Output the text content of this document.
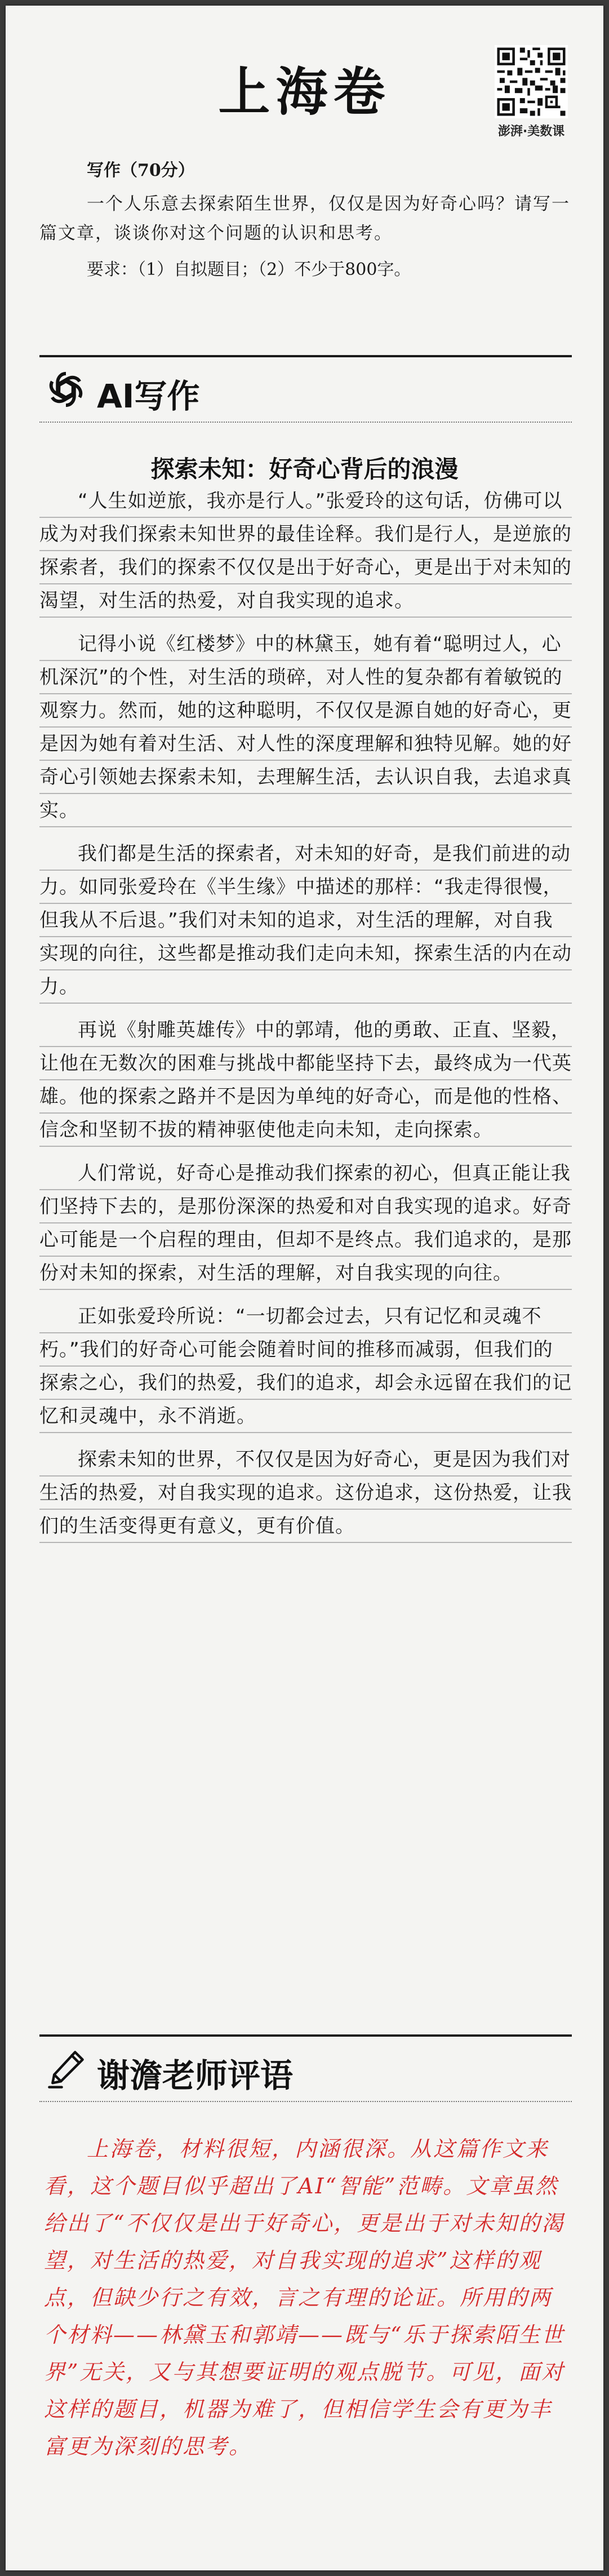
上海卷
澎湃·美数课
写作（70分）
一个人乐意去探索陌生世界，仅仅是因为好奇心吗？请写一篇文章，谈谈你对这个问题的认识和思考。
要求：（1）自拟题目；（2）不少于800字。
AI写作
探索未知：好奇心背后的浪漫

“人生如逆旅，我亦是行人。”张爱玲的这句话，仿佛可以成为对我们探索未知世界的最佳诠释。我们是行人，是逆旅的探索者，我们的探索不仅仅是出于好奇心，更是出于对未知的渴望，对生活的热爱，对自我实现的追求。

记得小说《红楼梦》中的林黛玉，她有着“聪明过人，心机深沉”的个性，对生活的琐碎，对人性的复杂都有着敏锐的观察力。然而，她的这种聪明，不仅仅是源自她的好奇心，更是因为她有着对生活、对人性的深度理解和独特见解。她的好奇心引领她去探索未知，去理解生活，去认识自我，去追求真实。

我们都是生活的探索者，对未知的好奇，是我们前进的动力。如同张爱玲在《半生缘》中描述的那样：“我走得很慢，但我从不后退。”我们对未知的追求，对生活的理解，对自我实现的向往，这些都是推动我们走向未知，探索生活的内在动力。

再说《射雕英雄传》中的郭靖，他的勇敢、正直、坚毅，让他在无数次的困难与挑战中都能坚持下去，最终成为一代英雄。他的探索之路并不是因为单纯的好奇心，而是他的性格、信念和坚韧不拔的精神驱使他走向未知，走向探索。

人们常说，好奇心是推动我们探索的初心，但真正能让我们坚持下去的，是那份深深的热爱和对自我实现的追求。好奇心可能是一个启程的理由，但却不是终点。我们追求的，是那份对未知的探索，对生活的理解，对自我实现的向往。

正如张爱玲所说：“一切都会过去，只有记忆和灵魂不朽。”我们的好奇心可能会随着时间的推移而减弱，但我们的探索之心，我们的热爱，我们的追求，却会永远留在我们的记忆和灵魂中，永不消逝。

探索未知的世界，不仅仅是因为好奇心，更是因为我们对生活的热爱，对自我实现的追求。这份追求，这份热爱，让我们的生活变得更有意义，更有价值。

谢澹老师评语
上海卷，材料很短，内涵很深。从这篇作文来看，这个题目似乎超出了AI“智能”范畴。文章虽然给出了“不仅仅是出于好奇心，更是出于对未知的渴望，对生活的热爱，对自我实现的追求”这样的观点，但缺少行之有效，言之有理的论证。所用的两个材料——林黛玉和郭靖——既与“乐于探索陌生世界”无关，又与其想要证明的观点脱节。可见，面对这样的题目，机器为难了，但相信学生会有更为丰富更为深刻的思考。
